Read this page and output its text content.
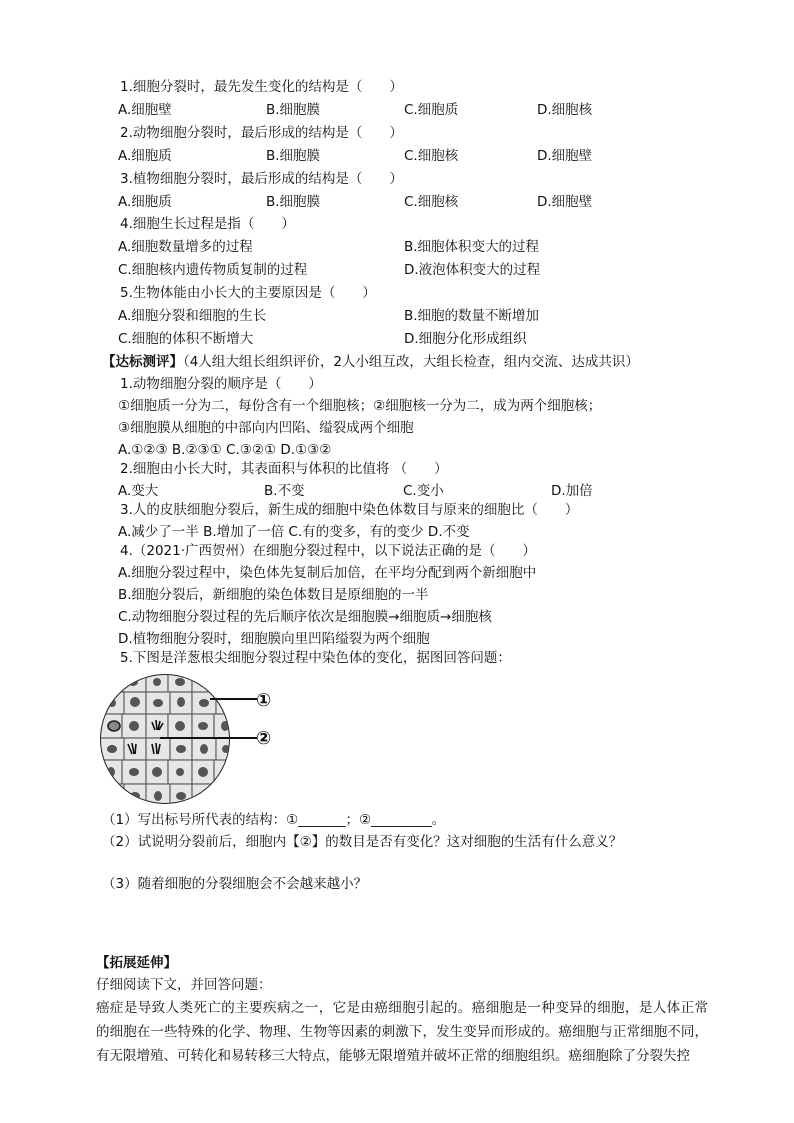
1.细胞分裂时，最先发生变化的结构是（　　）
A.细胞壁	B.细胞膜	C.细胞质	D.细胞核
2.动物细胞分裂时，最后形成的结构是（　　）
A.细胞质	B.细胞膜	C.细胞核	D.细胞壁
3.植物细胞分裂时，最后形成的结构是（　　）
A.细胞质	B.细胞膜	C.细胞核	D.细胞壁
4.细胞生长过程是指（　　）
A.细胞数量增多的过程	B.细胞体积变大的过程
C.细胞核内遗传物质复制的过程	D.液泡体积变大的过程
5.生物体能由小长大的主要原因是（　　）
A.细胞分裂和细胞的生长	B.细胞的数量不断增加
C.细胞的体积不断增大	D.细胞分化形成组织
【达标测评】（4人组大组长组织评价，2人小组互改，大组长检查，组内交流、达成共识）
1.动物细胞分裂的顺序是（　　）
①细胞质一分为二，每份含有一个细胞核；②细胞核一分为二，成为两个细胞核；
③细胞膜从细胞的中部向内凹陷、缢裂成两个细胞
A.①②③ B.②③① C.③②① D.①③②
2.细胞由小长大时，其表面积与体积的比值将 （　　）
A.变大	B.不变	C.变小	D.加倍
3.人的皮肤细胞分裂后，新生成的细胞中染色体数目与原来的细胞比（　　）
A.减少了一半 B.增加了一倍 C.有的变多，有的变少 D.不变
4.（2021·广西贺州）在细胞分裂过程中，以下说法正确的是（　　）
A.细胞分裂过程中，染色体先复制后加倍，在平均分配到两个新细胞中
B.细胞分裂后，新细胞的染色体数目是原细胞的一半
C.动物细胞分裂过程的先后顺序依次是细胞膜→细胞质→细胞核
D.植物细胞分裂时，细胞膜向里凹陷缢裂为两个细胞
5.下图是洋葱根尖细胞分裂过程中染色体的变化，据图回答问题：
①
②
（1）写出标号所代表的结构：①_______；②_________。
（2）试说明分裂前后，细胞内【②】的数目是否有变化？这对细胞的生活有什么意义？
（3）随着细胞的分裂细胞会不会越来越小？
【拓展延伸】
仔细阅读下文，并回答问题：
癌症是导致人类死亡的主要疾病之一，它是由癌细胞引起的。癌细胞是一种变异的细胞，是人体正常
的细胞在一些特殊的化学、物理、生物等因素的刺激下，发生变异而形成的。癌细胞与正常细胞不同，
有无限增殖、可转化和易转移三大特点，能够无限增殖并破坏正常的细胞组织。癌细胞除了分裂失控
